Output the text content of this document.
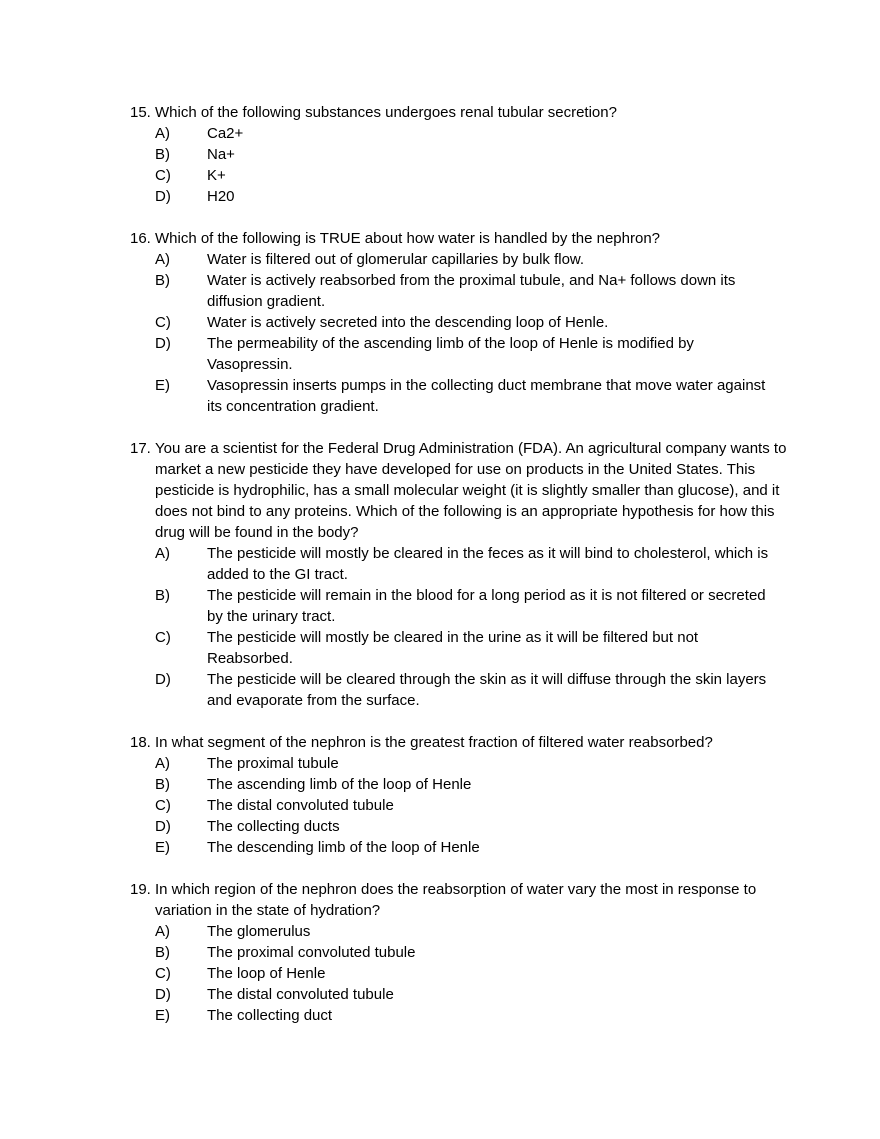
15. Which of the following substances undergoes renal tubular secretion?
A)	Ca2+
B)	Na+
C)	K+
D)	H20
16. Which of the following is TRUE about how water is handled by the nephron?
A)	Water is filtered out of glomerular capillaries by bulk flow.
B)	Water is actively reabsorbed from the proximal tubule, and Na+ follows down its diffusion gradient.
C)	Water is actively secreted into the descending loop of Henle.
D)	The permeability of the ascending limb of the loop of Henle is modified by Vasopressin.
E)	Vasopressin inserts pumps in the collecting duct membrane that move water against its concentration gradient.
17. You are a scientist for the Federal Drug Administration (FDA). An agricultural company wants to market a new pesticide they have developed for use on products in the United States. This pesticide is hydrophilic, has a small molecular weight (it is slightly smaller than glucose), and it does not bind to any proteins. Which of the following is an appropriate hypothesis for how this drug will be found in the body?
A)	The pesticide will mostly be cleared in the feces as it will bind to cholesterol, which is added to the GI tract.
B)	The pesticide will remain in the blood for a long period as it is not filtered or secreted by the urinary tract.
C)	The pesticide will mostly be cleared in the urine as it will be filtered but not Reabsorbed.
D)	The pesticide will be cleared through the skin as it will diffuse through the skin layers and evaporate from the surface.
18. In what segment of the nephron is the greatest fraction of filtered water reabsorbed?
A)	The proximal tubule
B)	The ascending limb of the loop of Henle
C)	The distal convoluted tubule
D)	The collecting ducts
E)	The descending limb of the loop of Henle
19. In which region of the nephron does the reabsorption of water vary the most in response to variation in the state of hydration?
A)	The glomerulus
B)	The proximal convoluted tubule
C)	The loop of Henle
D)	The distal convoluted tubule
E)	The collecting duct
